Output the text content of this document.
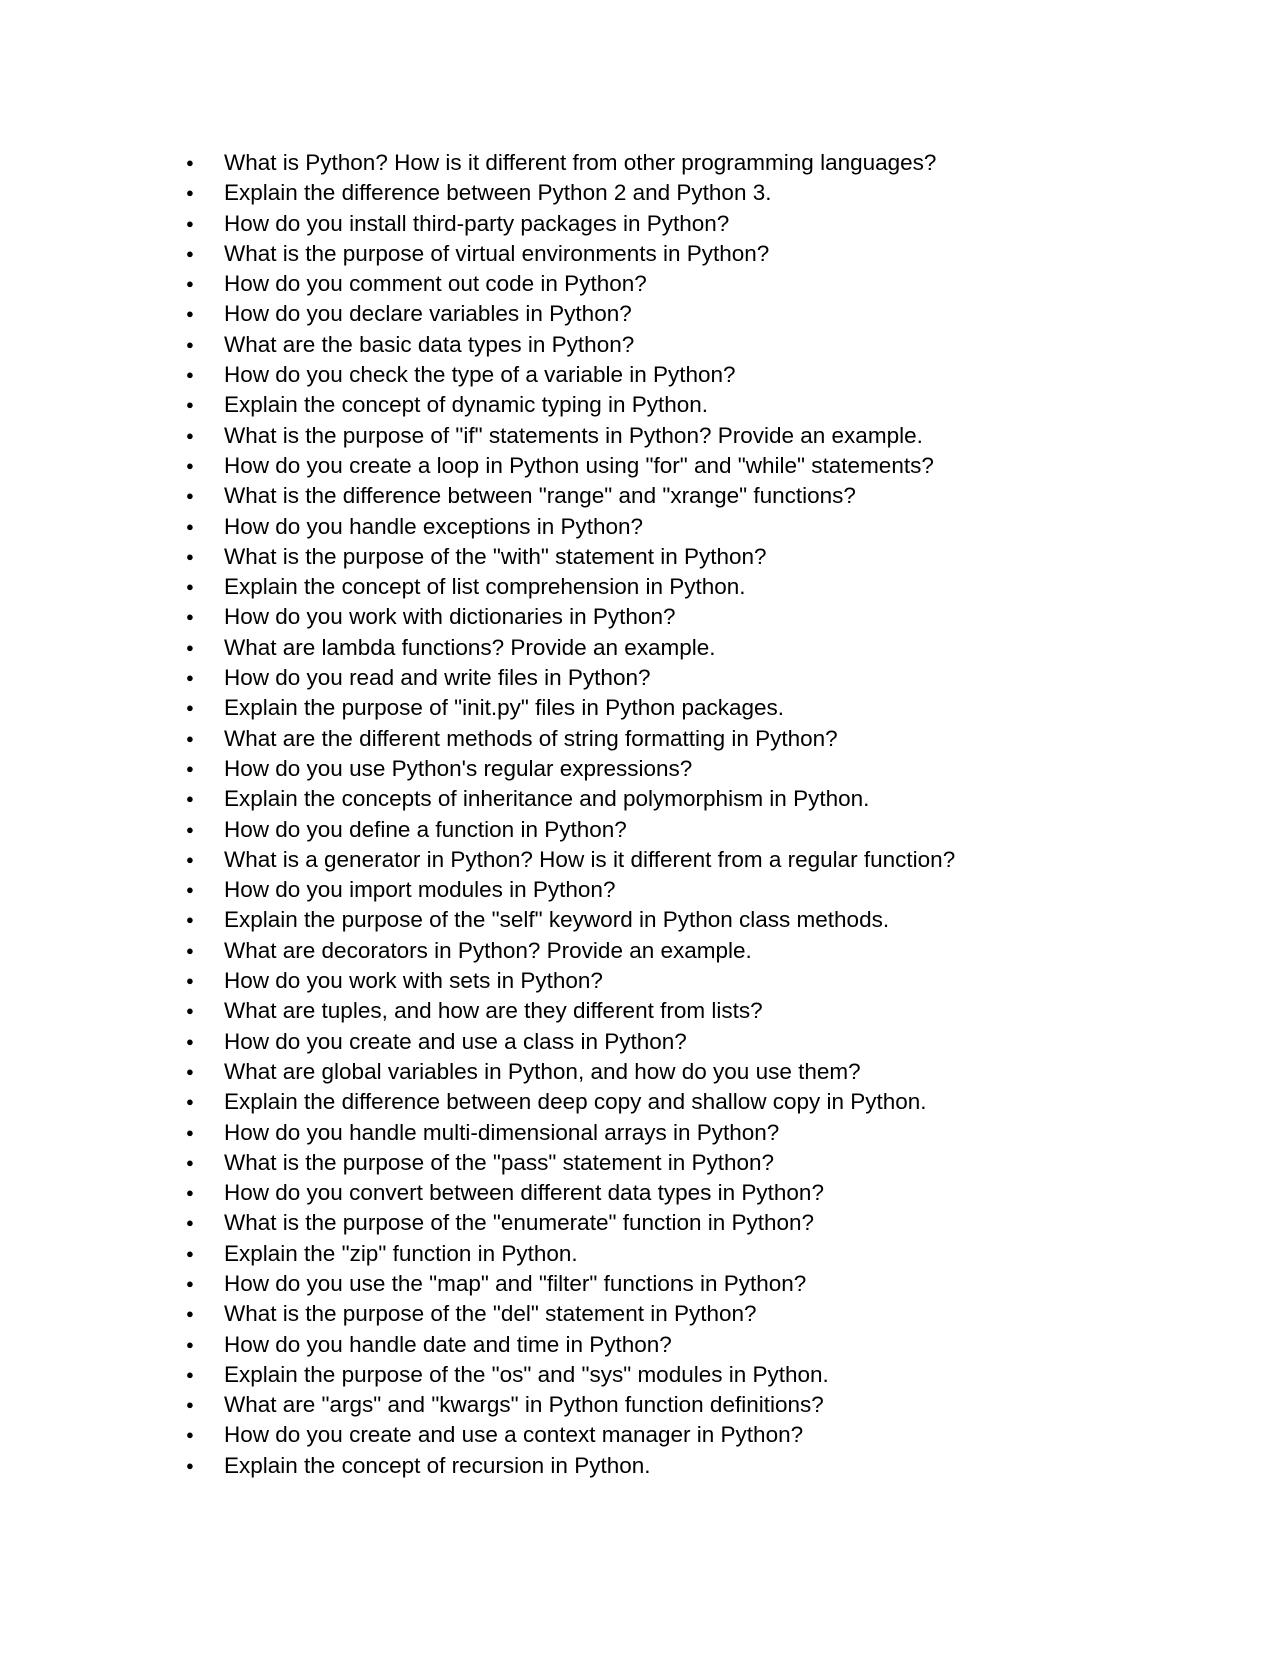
●	What is Python? How is it different from other programming languages?
●	Explain the difference between Python 2 and Python 3.
●	How do you install third-party packages in Python?
●	What is the purpose of virtual environments in Python?
●	How do you comment out code in Python?
●	How do you declare variables in Python?
●	What are the basic data types in Python?
●	How do you check the type of a variable in Python?
●	Explain the concept of dynamic typing in Python.
●	What is the purpose of "if" statements in Python? Provide an example.
●	How do you create a loop in Python using "for" and "while" statements?
●	What is the difference between "range" and "xrange" functions?
●	How do you handle exceptions in Python?
●	What is the purpose of the "with" statement in Python?
●	Explain the concept of list comprehension in Python.
●	How do you work with dictionaries in Python?
●	What are lambda functions? Provide an example.
●	How do you read and write files in Python?
●	Explain the purpose of "init.py" files in Python packages.
●	What are the different methods of string formatting in Python?
●	How do you use Python's regular expressions?
●	Explain the concepts of inheritance and polymorphism in Python.
●	How do you define a function in Python?
●	What is a generator in Python? How is it different from a regular function?
●	How do you import modules in Python?
●	Explain the purpose of the "self" keyword in Python class methods.
●	What are decorators in Python? Provide an example.
●	How do you work with sets in Python?
●	What are tuples, and how are they different from lists?
●	How do you create and use a class in Python?
●	What are global variables in Python, and how do you use them?
●	Explain the difference between deep copy and shallow copy in Python.
●	How do you handle multi-dimensional arrays in Python?
●	What is the purpose of the "pass" statement in Python?
●	How do you convert between different data types in Python?
●	What is the purpose of the "enumerate" function in Python?
●	Explain the "zip" function in Python.
●	How do you use the "map" and "filter" functions in Python?
●	What is the purpose of the "del" statement in Python?
●	How do you handle date and time in Python?
●	Explain the purpose of the "os" and "sys" modules in Python.
●	What are "args" and "kwargs" in Python function definitions?
●	How do you create and use a context manager in Python?
●	Explain the concept of recursion in Python.
